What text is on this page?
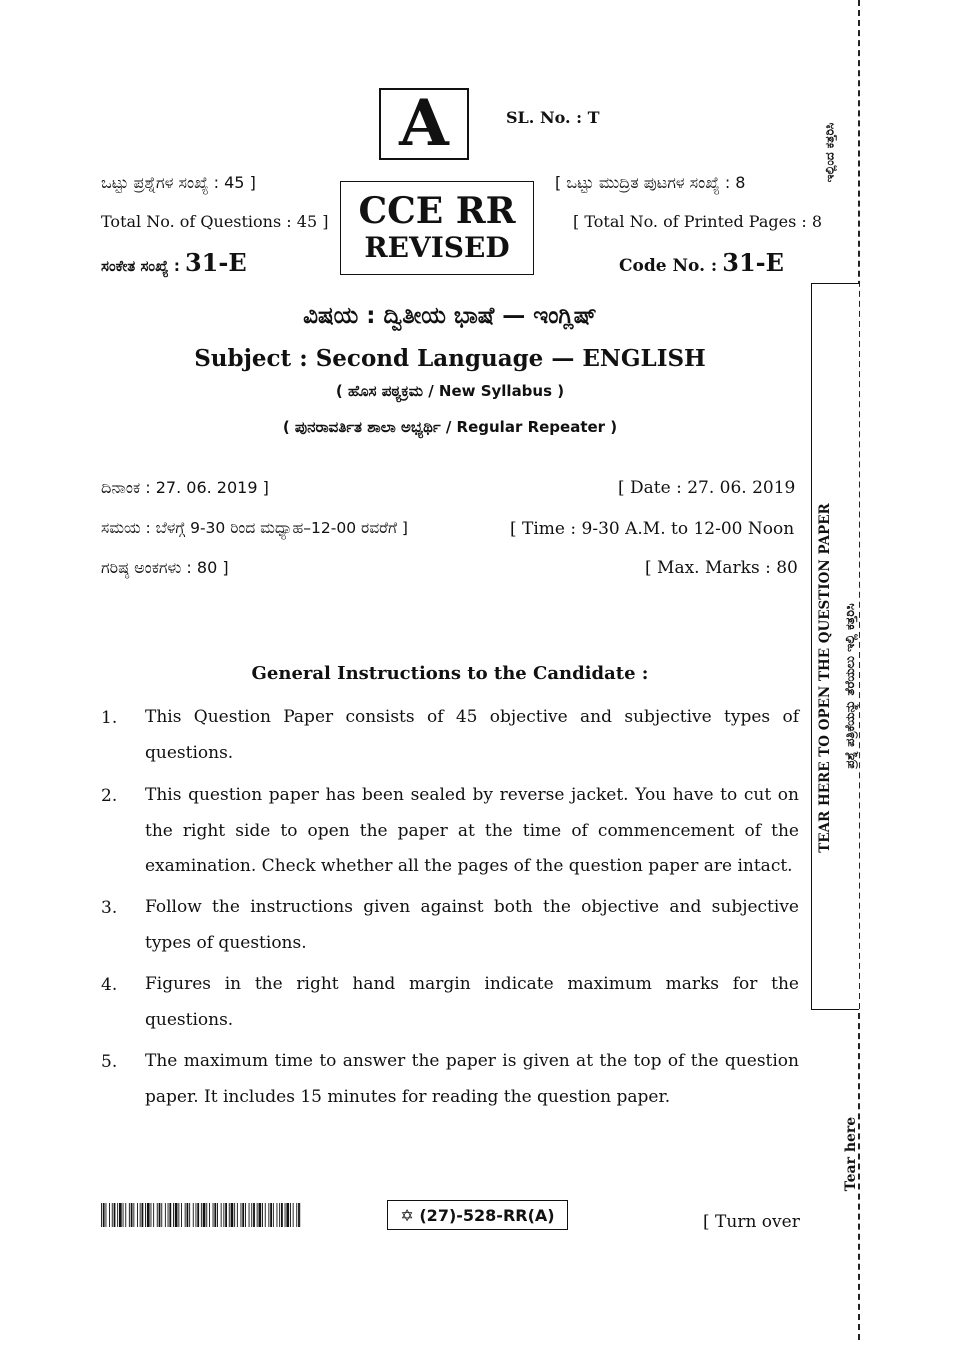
A	SL. No. : T
CCE RR
REVISED
ಒಟ್ಟು ಪ್ರಶ್ನೆಗಳ ಸಂಖ್ಯೆ : 45 ]
Total No. of Questions : 45 ]
ಸಂಕೇತ ಸಂಖ್ಯೆ : 31-E
[ ಒಟ್ಟು ಮುದ್ರಿತ ಪುಟಗಳ ಸಂಖ್ಯೆ : 8
[ Total No. of Printed Pages : 8
Code No. : 31-E
ವಿಷಯ : ದ್ವಿತೀಯ ಭಾಷೆ — ಇಂಗ್ಲಿಷ್
Subject : Second Language — ENGLISH
( ಹೊಸ ಪಠ್ಯಕ್ರಮ / New Syllabus )
( ಪುನರಾವರ್ತಿತ ಶಾಲಾ ಅಭ್ಯರ್ಥಿ / Regular Repeater )
ದಿನಾಂಕ : 27. 06. 2019 ]	[ Date : 27. 06. 2019
ಸಮಯ : ಬೆಳಗ್ಗೆ 9-30 ರಿಂದ ಮಧ್ಯಾಹ–12-00 ರವರೆಗೆ ]	[ Time : 9-30 A.M. to 12-00 Noon
ಗರಿಷ್ಠ ಅಂಕಗಳು : 80 ]	[ Max. Marks : 80
General Instructions to the Candidate :
1. This Question Paper consists of 45 objective and subjective types of questions.
2. This question paper has been sealed by reverse jacket. You have to cut on the right side to open the paper at the time of commencement of the examination. Check whether all the pages of the question paper are intact.
3. Follow the instructions given against both the objective and subjective types of questions.
4. Figures in the right hand margin indicate maximum marks for the questions.
5. The maximum time to answer the paper is given at the top of the question paper. It includes 15 minutes for reading the question paper.
ಇಲ್ಲಿಂದ ಕತ್ತರಿಸಿ
TEAR HERE TO OPEN THE QUESTION PAPER ಪ್ರಶ್ನೆ ಪತ್ರಿಕೆಯನ್ನು ತೆರೆಯಲು ಇಲ್ಲಿ ಕತ್ತರಿಸಿ
Tear here
✡ (27)-528-RR(A)	[ Turn over
